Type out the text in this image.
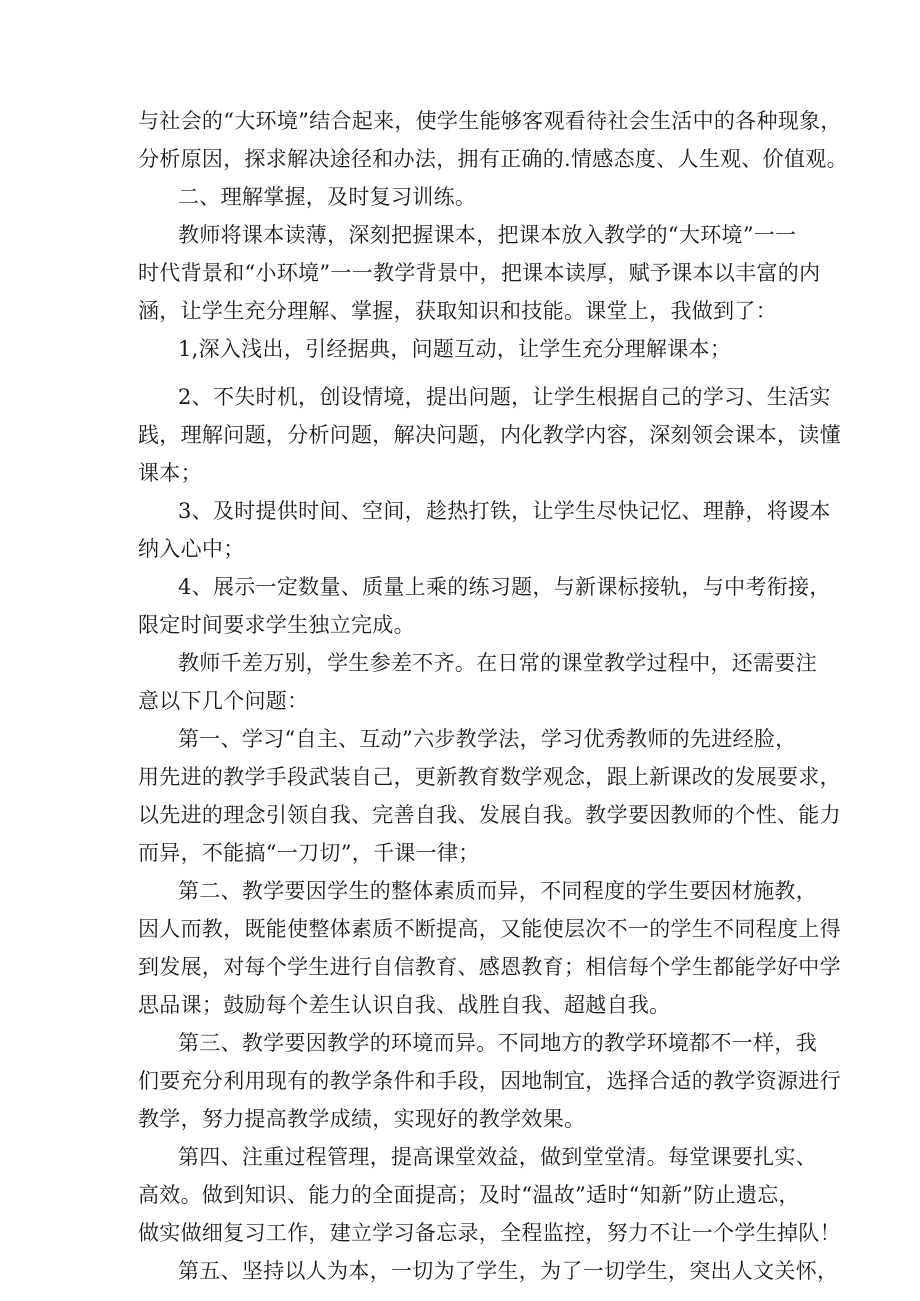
与社会的“大环境”结合起来，使学生能够客观看待社会生活中的各种现象，
分析原因，探求解决途径和办法，拥有正确的.情感态度、人生观、价值观。
二、理解掌握，及时复习训练。
教师将课本读薄，深刻把握课本，把课本放入教学的“大环境”一一
时代背景和“小环境”一一教学背景中，把课本读厚，赋予课本以丰富的内
涵，让学生充分理解、掌握，获取知识和技能。课堂上，我做到了：
1,深入浅出，引经据典，问题互动，让学生充分理解课本；
2、不失时机，创设情境，提出问题，让学生根据自己的学习、生活实
践，理解问题，分析问题，解决问题，内化教学内容，深刻领会课本，读懂
课本；
3、及时提供时间、空间，趁热打铁，让学生尽快记忆、理静，将谡本
纳入心中；
4、展示一定数量、质量上乘的练习题，与新课标接轨，与中考衔接，
限定时间要求学生独立完成。
教师千差万别，学生参差不齐。在日常的课堂教学过程中，还需要注
意以下几个问题：
第一、学习“自主、互动”六步教学法，学习优秀教师的先进经脸，
用先进的教学手段武装自己，更新教育数学观念，跟上新课改的发展要求，
以先进的理念引领自我、完善自我、发展自我。教学要因教师的个性、能力
而异，不能搞“一刀切”，千课一律；
第二、教学要因学生的整体素质而异，不同程度的学生要因材施教，
因人而教，既能使整体素质不断提高，又能使层次不一的学生不同程度上得
到发展，对每个学生进行自信教育、感恩教育；相信每个学生都能学好中学
思品课；鼓励每个差生认识自我、战胜自我、超越自我。
第三、教学要因教学的环境而异。不同地方的教学环境都不一样，我
们要充分利用现有的教学条件和手段，因地制宜，选择合适的教学资源进行
教学，努力提高教学成绩，实现好的教学效果。
第四、注重过程管理，提高课堂效益，做到堂堂清。每堂课要扎实、
高效。做到知识、能力的全面提高；及时“温故”适时“知新”防止遗忘，
做实做细复习工作，建立学习备忘录，全程监控，努力不让一个学生掉队！
第五、坚持以人为本，一切为了学生，为了一切学生，突出人文关怀，
